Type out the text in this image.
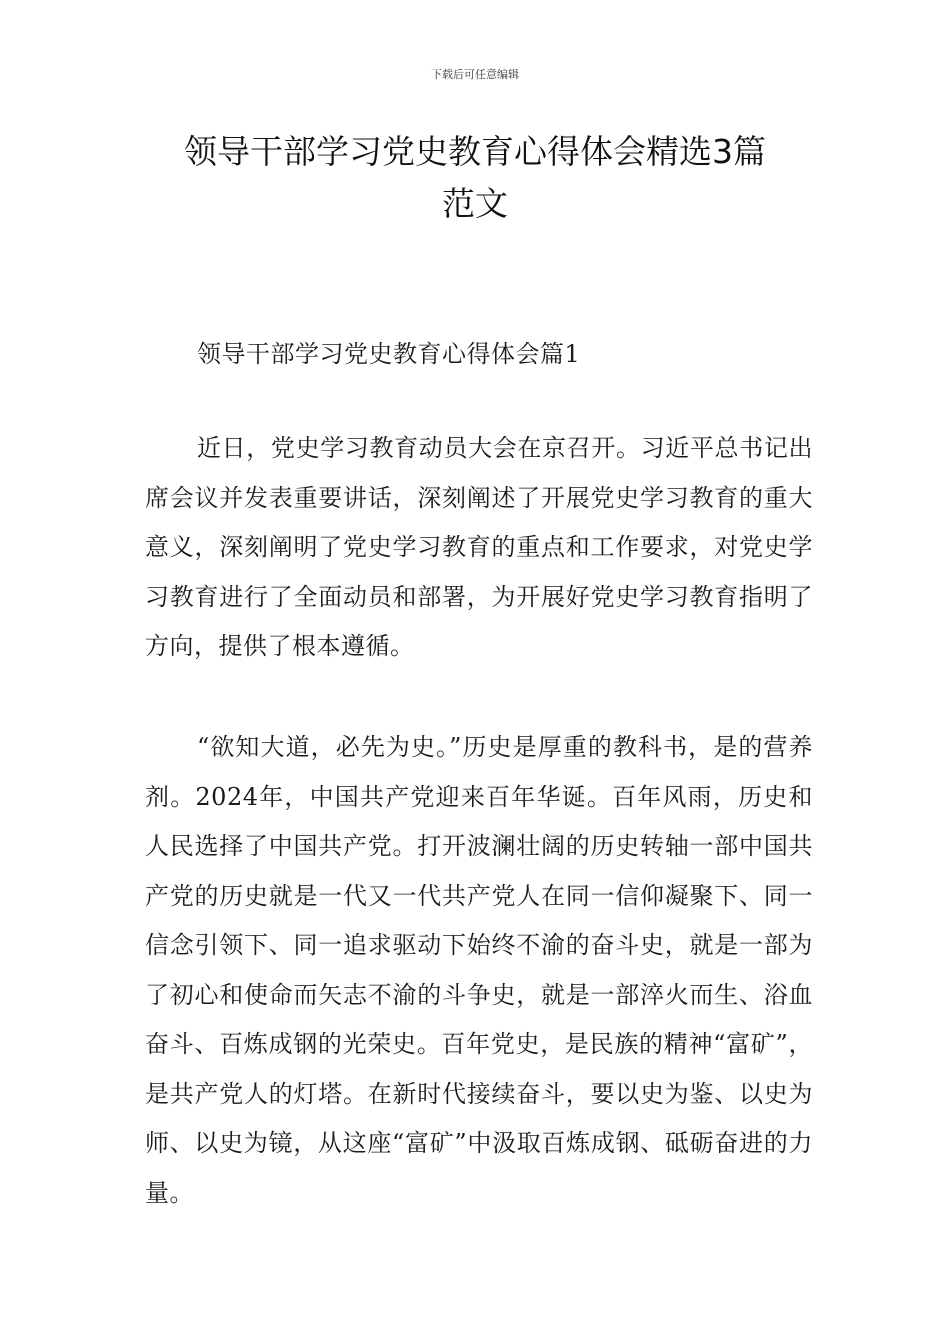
下载后可任意编辑
领导干部学习党史教育心得体会精选3篇
范文
领导干部学习党史教育心得体会篇1

近日，党史学习教育动员大会在京召开。习近平总书记出席会议并发表重要讲话，深刻阐述了开展党史学习教育的重大意义，深刻阐明了党史学习教育的重点和工作要求，对党史学习教育进行了全面动员和部署，为开展好党史学习教育指明了方向，提供了根本遵循。

“欲知大道，必先为史。”历史是厚重的教科书，是的营养剂。2024年，中国共产党迎来百年华诞。百年风雨，历史和人民选择了中国共产党。打开波澜壮阔的历史转轴一部中国共产党的历史就是一代又一代共产党人在同一信仰凝聚下、同一信念引领下、同一追求驱动下始终不渝的奋斗史，就是一部为了初心和使命而矢志不渝的斗争史，就是一部淬火而生、浴血奋斗、百炼成钢的光荣史。百年党史，是民族的精神“富矿”，是共产党人的灯塔。在新时代接续奋斗，要以史为鉴、以史为师、以史为镜，从这座“富矿”中汲取百炼成钢、砥砺奋进的力量。
